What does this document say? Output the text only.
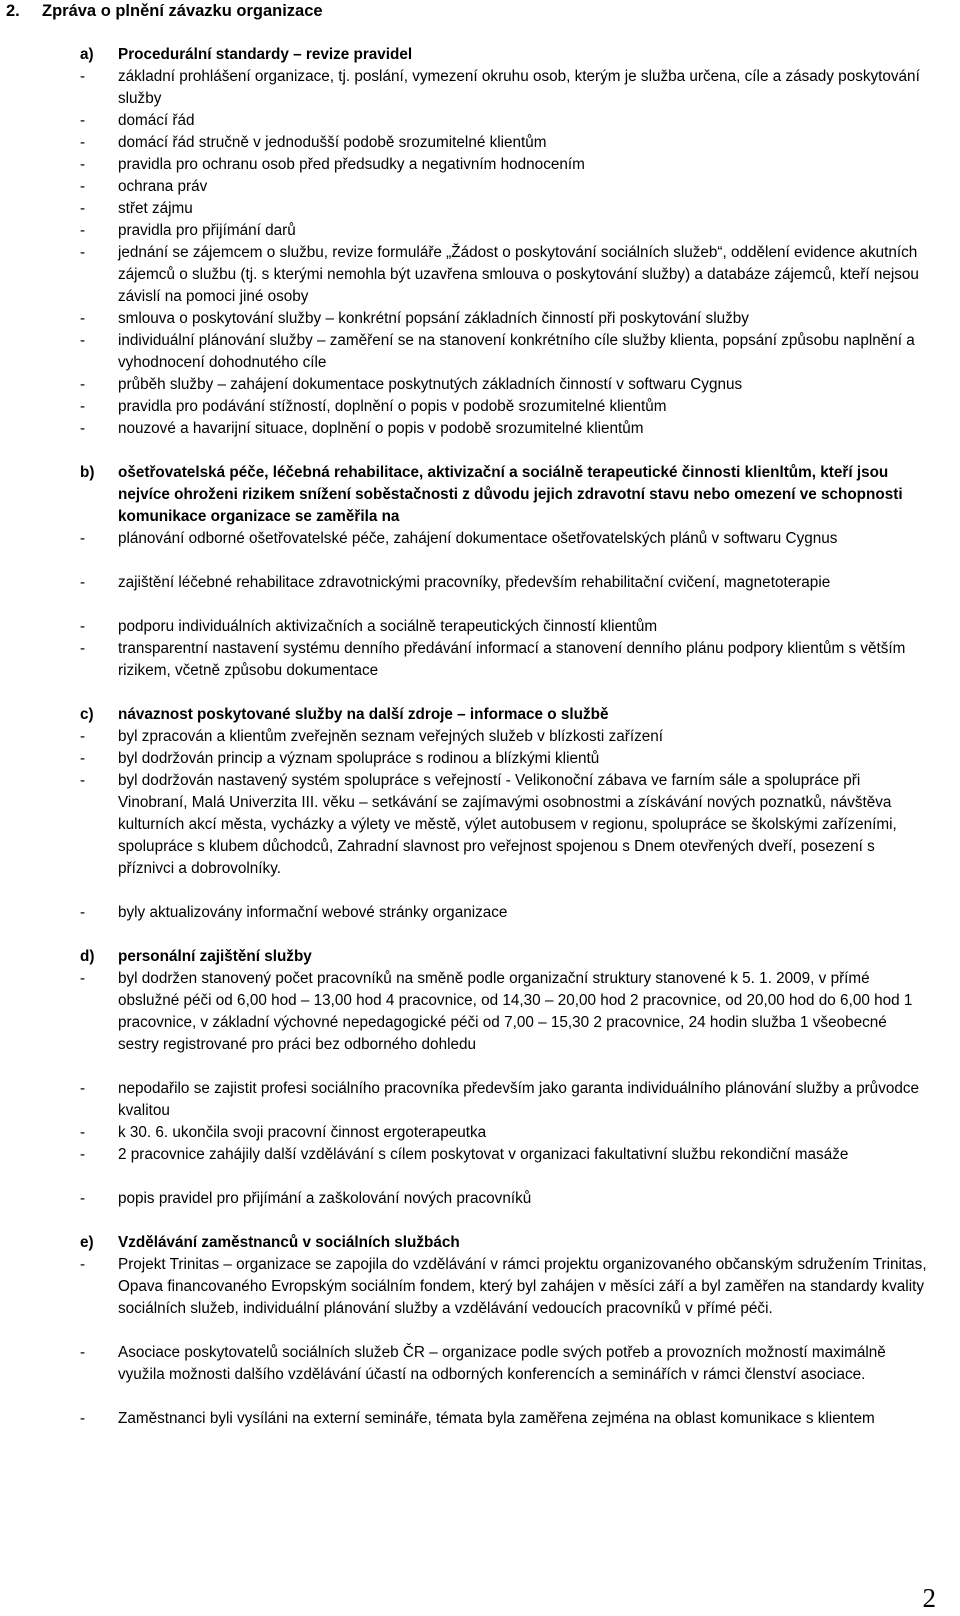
2. Zpráva o plnění závazku organizace
a) Procedurální standardy – revize pravidel
- základní prohlášení organizace, tj. poslání, vymezení okruhu osob, kterým je služba určena, cíle a zásady poskytování služby
- domácí řád
- domácí řád stručně v jednodušší podobě srozumitelné klientům
- pravidla pro ochranu osob před předsudky a negativním hodnocením
- ochrana práv
- střet zájmu
- pravidla pro přijímání darů
- jednání se zájemcem o službu, revize formuláře „Žádost o poskytování sociálních služeb“, oddělení evidence akutních zájemců o službu (tj. s kterými nemohla být uzavřena smlouva o poskytování služby) a databáze zájemců, kteří nejsou závislí na pomoci jiné osoby
- smlouva o poskytování služby – konkrétní popsání základních činností při poskytování služby
- individuální plánování služby – zaměření se na stanovení konkrétního cíle služby klienta, popsání způsobu naplnění a vyhodnocení dohodnutého cíle
- průběh služby – zahájení dokumentace poskytnutých základních činností v softwaru Cygnus
- pravidla pro podávání stížností, doplnění o popis v podobě srozumitelné klientům
- nouzové a havarijní situace, doplnění o popis v podobě srozumitelné klientům
b) ošetřovatelská péče, léčebná rehabilitace, aktivizační a sociálně terapeutické činnosti klienltům, kteří jsou nejvíce ohroženi rizikem snížení soběstačnosti z důvodu jejich zdravotní stavu nebo omezení ve schopnosti komunikace organizace se zaměřila na
- plánování odborné ošetřovatelské péče, zahájení dokumentace ošetřovatelských plánů v softwaru Cygnus
- zajištění léčebné rehabilitace zdravotnickými pracovníky, především rehabilitační cvičení, magnetoterapie
- podporu individuálních aktivizačních a sociálně terapeutických činností klientům
- transparentní nastavení systému denního předávání informací a stanovení denního plánu podpory klientům s větším rizikem, včetně způsobu dokumentace
c) návaznost poskytované služby na další zdroje – informace o službě
- byl zpracován a klientům zveřejněn seznam veřejných služeb v blízkosti zařízení
- byl dodržován princip a význam spolupráce s rodinou a blízkými klientů
- byl dodržován nastavený systém spolupráce s veřejností - Velikonoční zábava ve farním sále a spolupráce při Vinobraní, Malá Univerzita III. věku – setkávání se zajímavými osobnostmi a získávání nových poznatků, návštěva kulturních akcí města, vycházky a výlety ve městě, výlet autobusem v regionu, spolupráce se školskými zařízeními, spolupráce s klubem důchodců, Zahradní slavnost pro veřejnost spojenou s Dnem otevřených dveří, posezení s příznivci a dobrovolníky.
- byly aktualizovány informační webové stránky organizace
d) personální zajištění služby
- byl dodržen stanovený počet pracovníků na směně podle organizační struktury stanovené k 5. 1. 2009, v přímé obslužné péči od 6,00 hod – 13,00 hod 4 pracovnice, od 14,30 – 20,00 hod 2 pracovnice, od 20,00 hod do 6,00 hod 1 pracovnice, v základní výchovné nepedagogické péči od 7,00 – 15,30 2 pracovnice, 24 hodin služba 1 všeobecné sestry registrované pro práci bez odborného dohledu
- nepodařilo se zajistit profesi sociálního pracovníka především jako garanta individuálního plánování služby a průvodce kvalitou
- k 30. 6. ukončila svoji pracovní činnost ergoterapeutka
- 2 pracovnice zahájily další vzdělávání s cílem poskytovat v organizaci fakultativní službu rekondiční masáže
- popis pravidel pro přijímání a zaškolování nových pracovníků
e) Vzdělávání zaměstnanců v sociálních službách
- Projekt Trinitas – organizace se zapojila do vzdělávání v rámci projektu organizovaného občanským sdružením Trinitas, Opava financovaného Evropským sociálním fondem, který byl zahájen v měsíci září a byl zaměřen na standardy kvality sociálních služeb, individuální plánování služby a vzdělávání vedoucích pracovníků v přímé péči.
- Asociace poskytovatelů sociálních služeb ČR – organizace podle svých potřeb a provozních možností maximálně využila možnosti dalšího vzdělávání účastí na odborných konferencích a seminářích v rámci členství asociace.
- Zaměstnanci byli vysíláni na externí semináře, témata byla zaměřena zejména na oblast komunikace s klientem
2
